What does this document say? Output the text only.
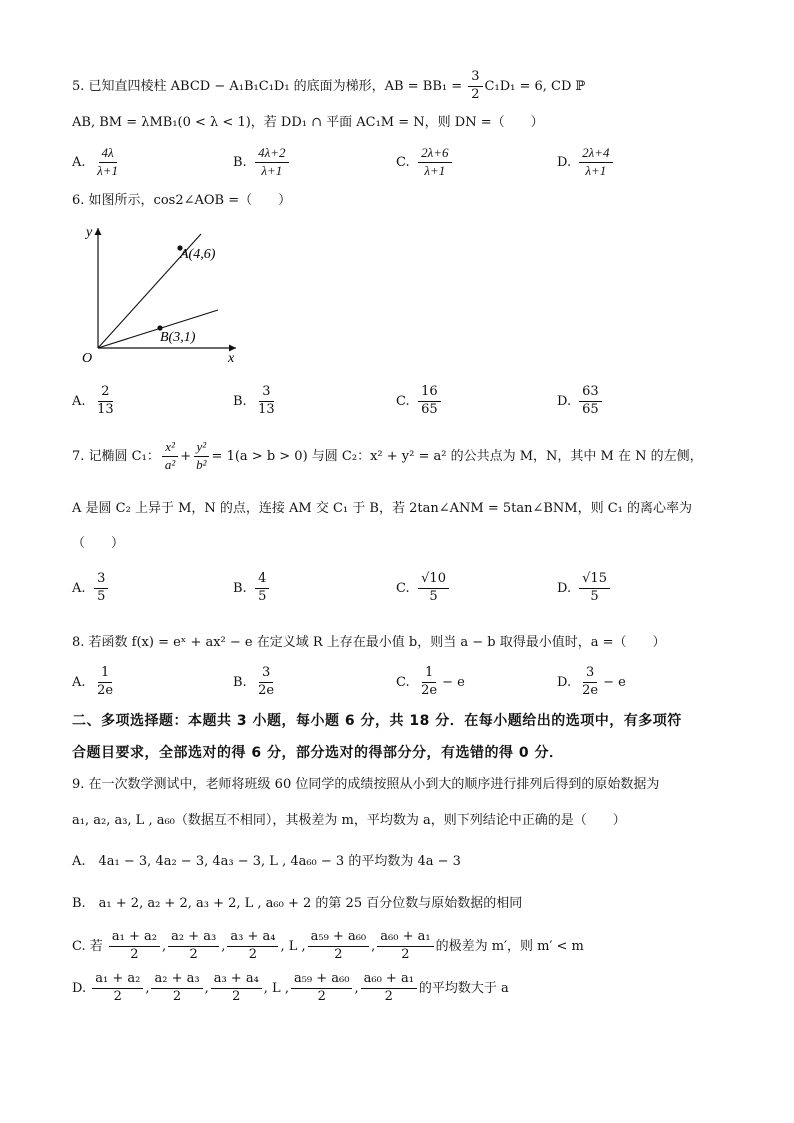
5. 已知直四棱柱 ABCD − A₁B₁C₁D₁ 的底面为梯形，AB = $BB_1 = \frac{3}{2} C_1D_1 = 6$, CD ℙ
AB, BM = λMB₁(0 < λ < 1)，若 DD₁ ∩ 平面 AC₁M = N，则 DN =（　　）
A. $\frac{4\lambda}{\lambda+1}$	B. $\frac{4\lambda+2}{\lambda+1}$	C. $\frac{2\lambda+6}{\lambda+1}$	D. $\frac{2\lambda+4}{\lambda+1}$
6. 如图所示，cos2∠AOB =（　　）
y
x
O
A(4,6)
B(3,1)
A. $\frac{2}{13}$	B. $\frac{3}{13}$	C. $\frac{16}{65}$	D. $\frac{63}{65}$
7. 记椭圆 C₁： $\frac{\text{x²}}{\text{a²}} + \frac{\text{y²}}{\text{b²}} = 1(a > b > 0)$ 与圆 C₂：x² + y² = a² 的公共点为 M，N，其中 M 在 N 的左侧，
A 是圆 C₂ 上异于 M，N 的点，连接 AM 交 C₁ 于 B，若 2tan∠ANM = 5tan∠BNM，则 C₁ 的离心率为
（　　）
A. $\frac{3}{5}$	B. $\frac{4}{5}$	C. $\frac{√10}{5}$	D. $\frac{√15}{5}$
8. 若函数 f(x) = eˣ + ax² − e 在定义域 R 上存在最小值 b，则当 a − b 取得最小值时，a =（　　）
A. $\frac{1}{2e}$	B. $\frac{3}{2e}$	C. $\frac{1}{2e} - e$	D. $\frac{3}{2e} - e$
二、多项选择题：本题共 3 小题，每小题 6 分，共 18 分．在每小题给出的选项中，有多项符
合题目要求，全部选对的得 6 分，部分选对的得部分分，有选错的得 0 分．
9. 在一次数学测试中，老师将班级 60 位同学的成绩按照从小到大的顺序进行排列后得到的原始数据为
a₁, a₂, a₃, L , a₆₀（数据互不相同），其极差为 m，平均数为 a，则下列结论中正确的是（　　）
A.　4a₁ − 3, 4a₂ − 3, 4a₃ − 3, L , 4a₆₀ − 3 的平均数为 4a − 3
B.　a₁ + 2, a₂ + 2, a₃ + 2, L , a₆₀ + 2 的第 25 百分位数与原始数据的相同
C. 若 $\frac{\text{a₁ + a₂}}{2}$ , $\frac{\text{a₂ + a₃}}{2}$ , $\frac{\text{a₃ + a₄}}{2}$ , L , $\frac{\text{a₅₉ + a₆₀}}{2}$ , $\frac{\text{a₆₀ + a₁}}{2}$ 的极差为 m′，则 m′ < m
D. $\frac{\text{a₁ + a₂}}{2}$ , $\frac{\text{a₂ + a₃}}{2}$ , $\frac{\text{a₃ + a₄}}{2}$ , L , $\frac{\text{a₅₉ + a₆₀}}{2}$ , $\frac{\text{a₆₀ + a₁}}{2}$ 的平均数大于 a
